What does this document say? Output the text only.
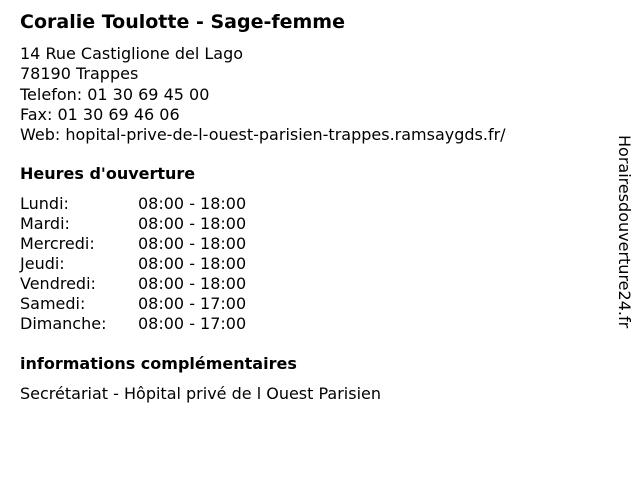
Coralie Toulotte - Sage-femme
14 Rue Castiglione del Lago
78190 Trappes
Telefon: 01 30 69 45 00
Fax: 01 30 69 46 06
Web: hopital-prive-de-l-ouest-parisien-trappes.ramsaygds.fr/
Heures d'ouverture
Lundi:	08:00 - 18:00
Mardi:	08:00 - 18:00
Mercredi:	08:00 - 18:00
Jeudi:	08:00 - 18:00
Vendredi:	08:00 - 18:00
Samedi:	08:00 - 17:00
Dimanche:	08:00 - 17:00
informations complémentaires
Secrétariat - Hôpital privé de l Ouest Parisien
Horairesdouverture24.fr
